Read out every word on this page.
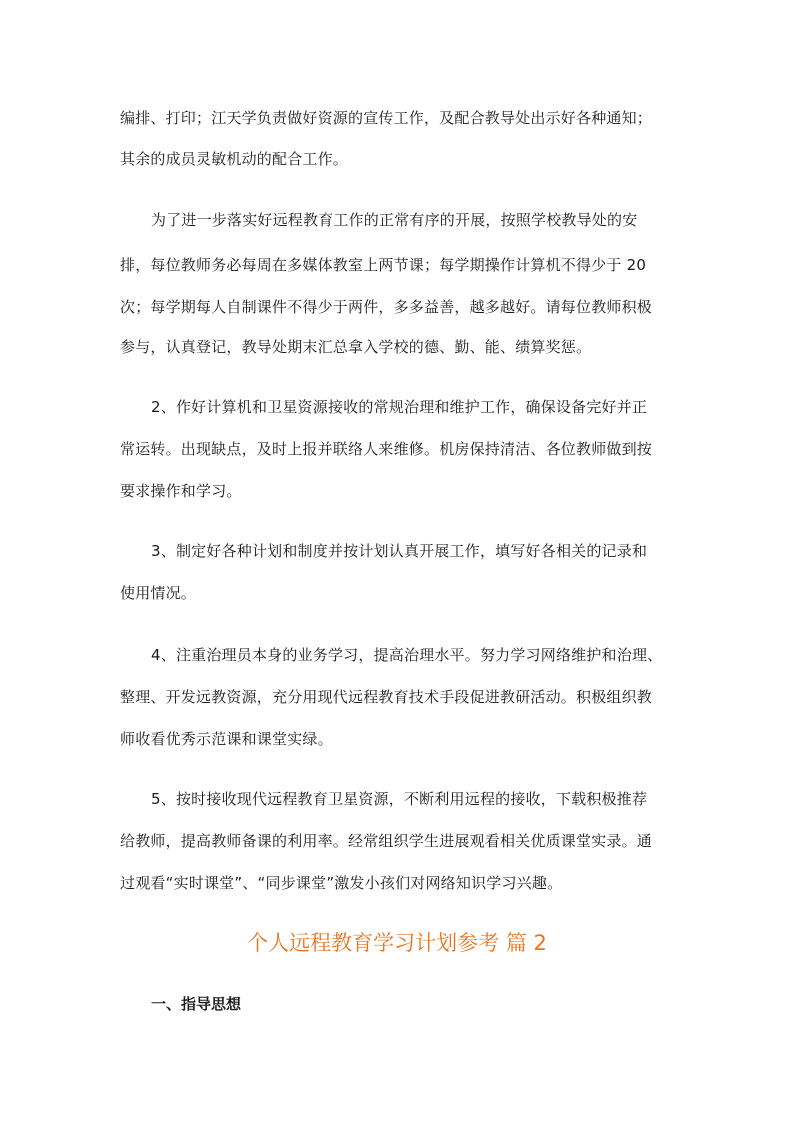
编排、打印；江天学负责做好资源的宣传工作，及配合教导处出示好各种通知；
其余的成员灵敏机动的配合工作。
为了进一步落实好远程教育工作的正常有序的开展，按照学校教导处的安
排，每位教师务必每周在多媒体教室上两节课；每学期操作计算机不得少于 20
次；每学期每人自制课件不得少于两件，多多益善，越多越好。请每位教师积极
参与，认真登记，教导处期末汇总拿入学校的德、勤、能、绩算奖惩。
2、作好计算机和卫星资源接收的常规治理和维护工作，确保设备完好并正
常运转。出现缺点，及时上报并联络人来维修。机房保持清洁、各位教师做到按
要求操作和学习。
3、制定好各种计划和制度并按计划认真开展工作，填写好各相关的记录和
使用情况。
4、注重治理员本身的业务学习，提高治理水平。努力学习网络维护和治理、
整理、开发远教资源，充分用现代远程教育技术手段促进教研活动。积极组织教
师收看优秀示范课和课堂实绿。
5、按时接收现代远程教育卫星资源，不断利用远程的接收，下载积极推荐
给教师，提高教师备课的利用率。经常组织学生进展观看相关优质课堂实录。通
过观看“实时课堂”、“同步课堂”激发小孩们对网络知识学习兴趣。
个人远程教育学习计划参考 篇 2
一、指导思想
